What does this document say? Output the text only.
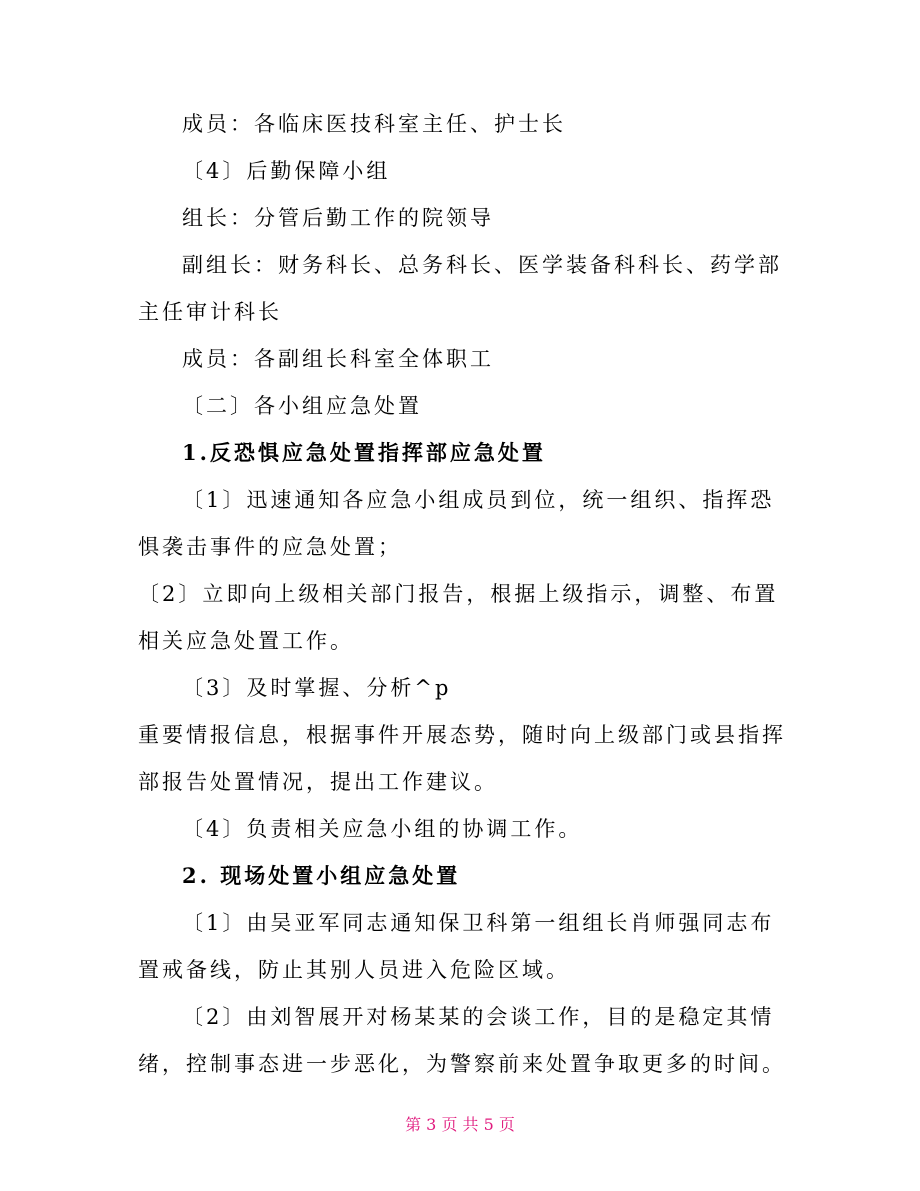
成员：各临床医技科室主任、护士长
〔4〕后勤保障小组
组长：分管后勤工作的院领导
副组长：财务科长、总务科长、医学装备科科长、药学部
主任审计科长
成员：各副组长科室全体职工
〔二〕各小组应急处置
1.反恐惧应急处置指挥部应急处置
〔1〕迅速通知各应急小组成员到位，统一组织、指挥恐
惧袭击事件的应急处置；
〔2〕立即向上级相关部门报告，根据上级指示，调整、布置
相关应急处置工作。
〔3〕及时掌握、分析^p
重要情报信息，根据事件开展态势，随时向上级部门或县指挥
部报告处置情况，提出工作建议。
〔4〕负责相关应急小组的协调工作。
2. 现场处置小组应急处置
〔1〕由吴亚军同志通知保卫科第一组组长肖师强同志布
置戒备线，防止其别人员进入危险区域。
〔2〕由刘智展开对杨某某的会谈工作，目的是稳定其情
绪，控制事态进一步恶化，为警察前来处置争取更多的时间。
第 3 页 共 5 页
